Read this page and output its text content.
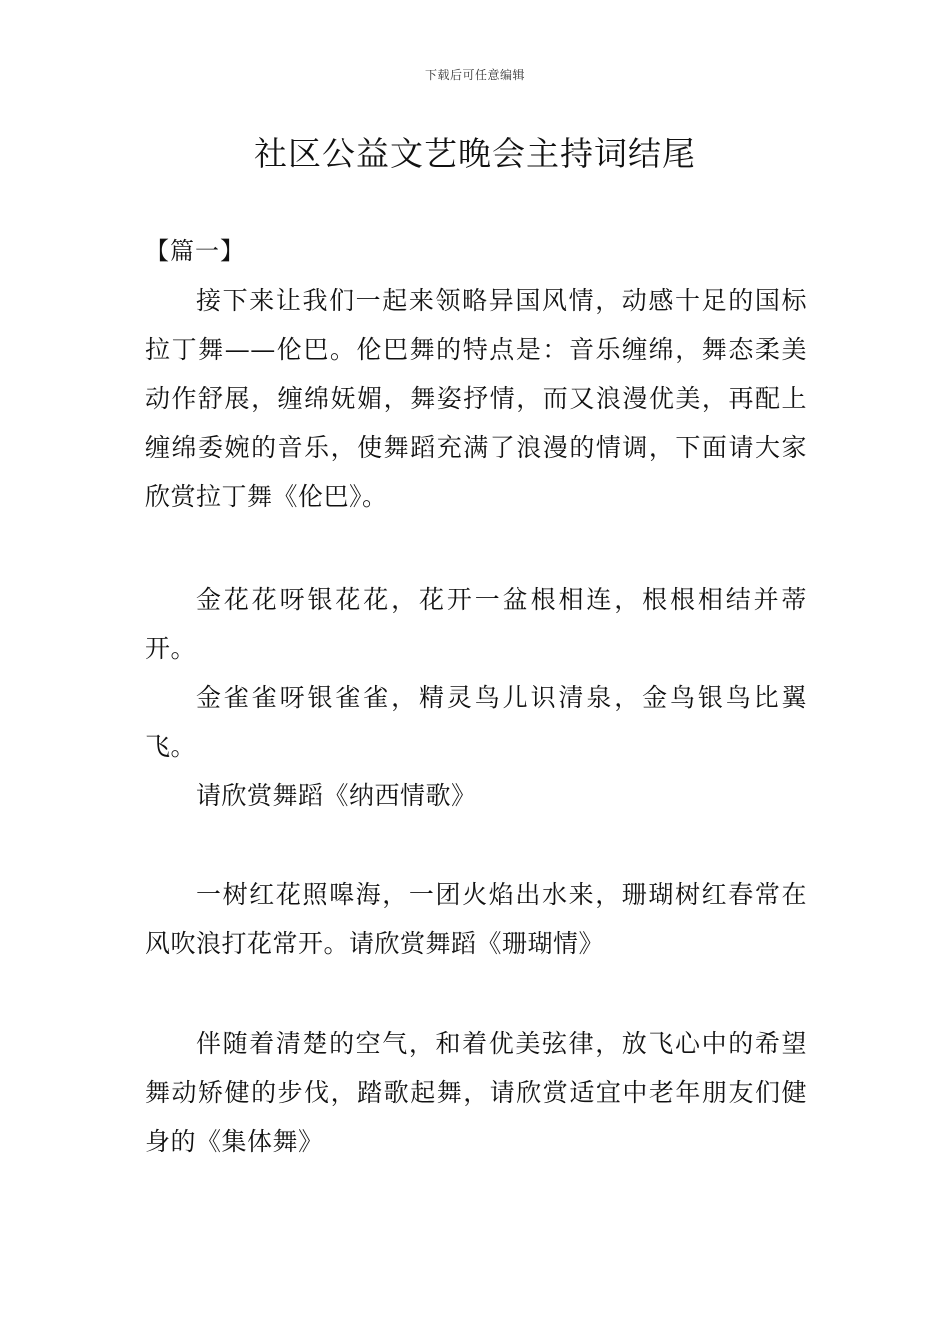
下载后可任意编辑
社区公益文艺晚会主持词结尾
【篇一】

接下来让我们一起来领略异国风情，动感十足的国标拉丁舞——伦巴。伦巴舞的特点是：音乐缠绵，舞态柔美动作舒展，缠绵妩媚，舞姿抒情，而又浪漫优美，再配上缠绵委婉的音乐，使舞蹈充满了浪漫的情调，下面请大家欣赏拉丁舞《伦巴》。

金花花呀银花花，花开一盆根相连，根根相结并蒂开。

金雀雀呀银雀雀，精灵鸟儿识清泉，金鸟银鸟比翼飞。

请欣赏舞蹈《纳西情歌》

一树红花照嗥海，一团火焰出水来，珊瑚树红春常在风吹浪打花常开。请欣赏舞蹈《珊瑚情》

伴随着清楚的空气，和着优美弦律，放飞心中的希望舞动矫健的步伐，踏歌起舞，请欣赏适宜中老年朋友们健身的《集体舞》
